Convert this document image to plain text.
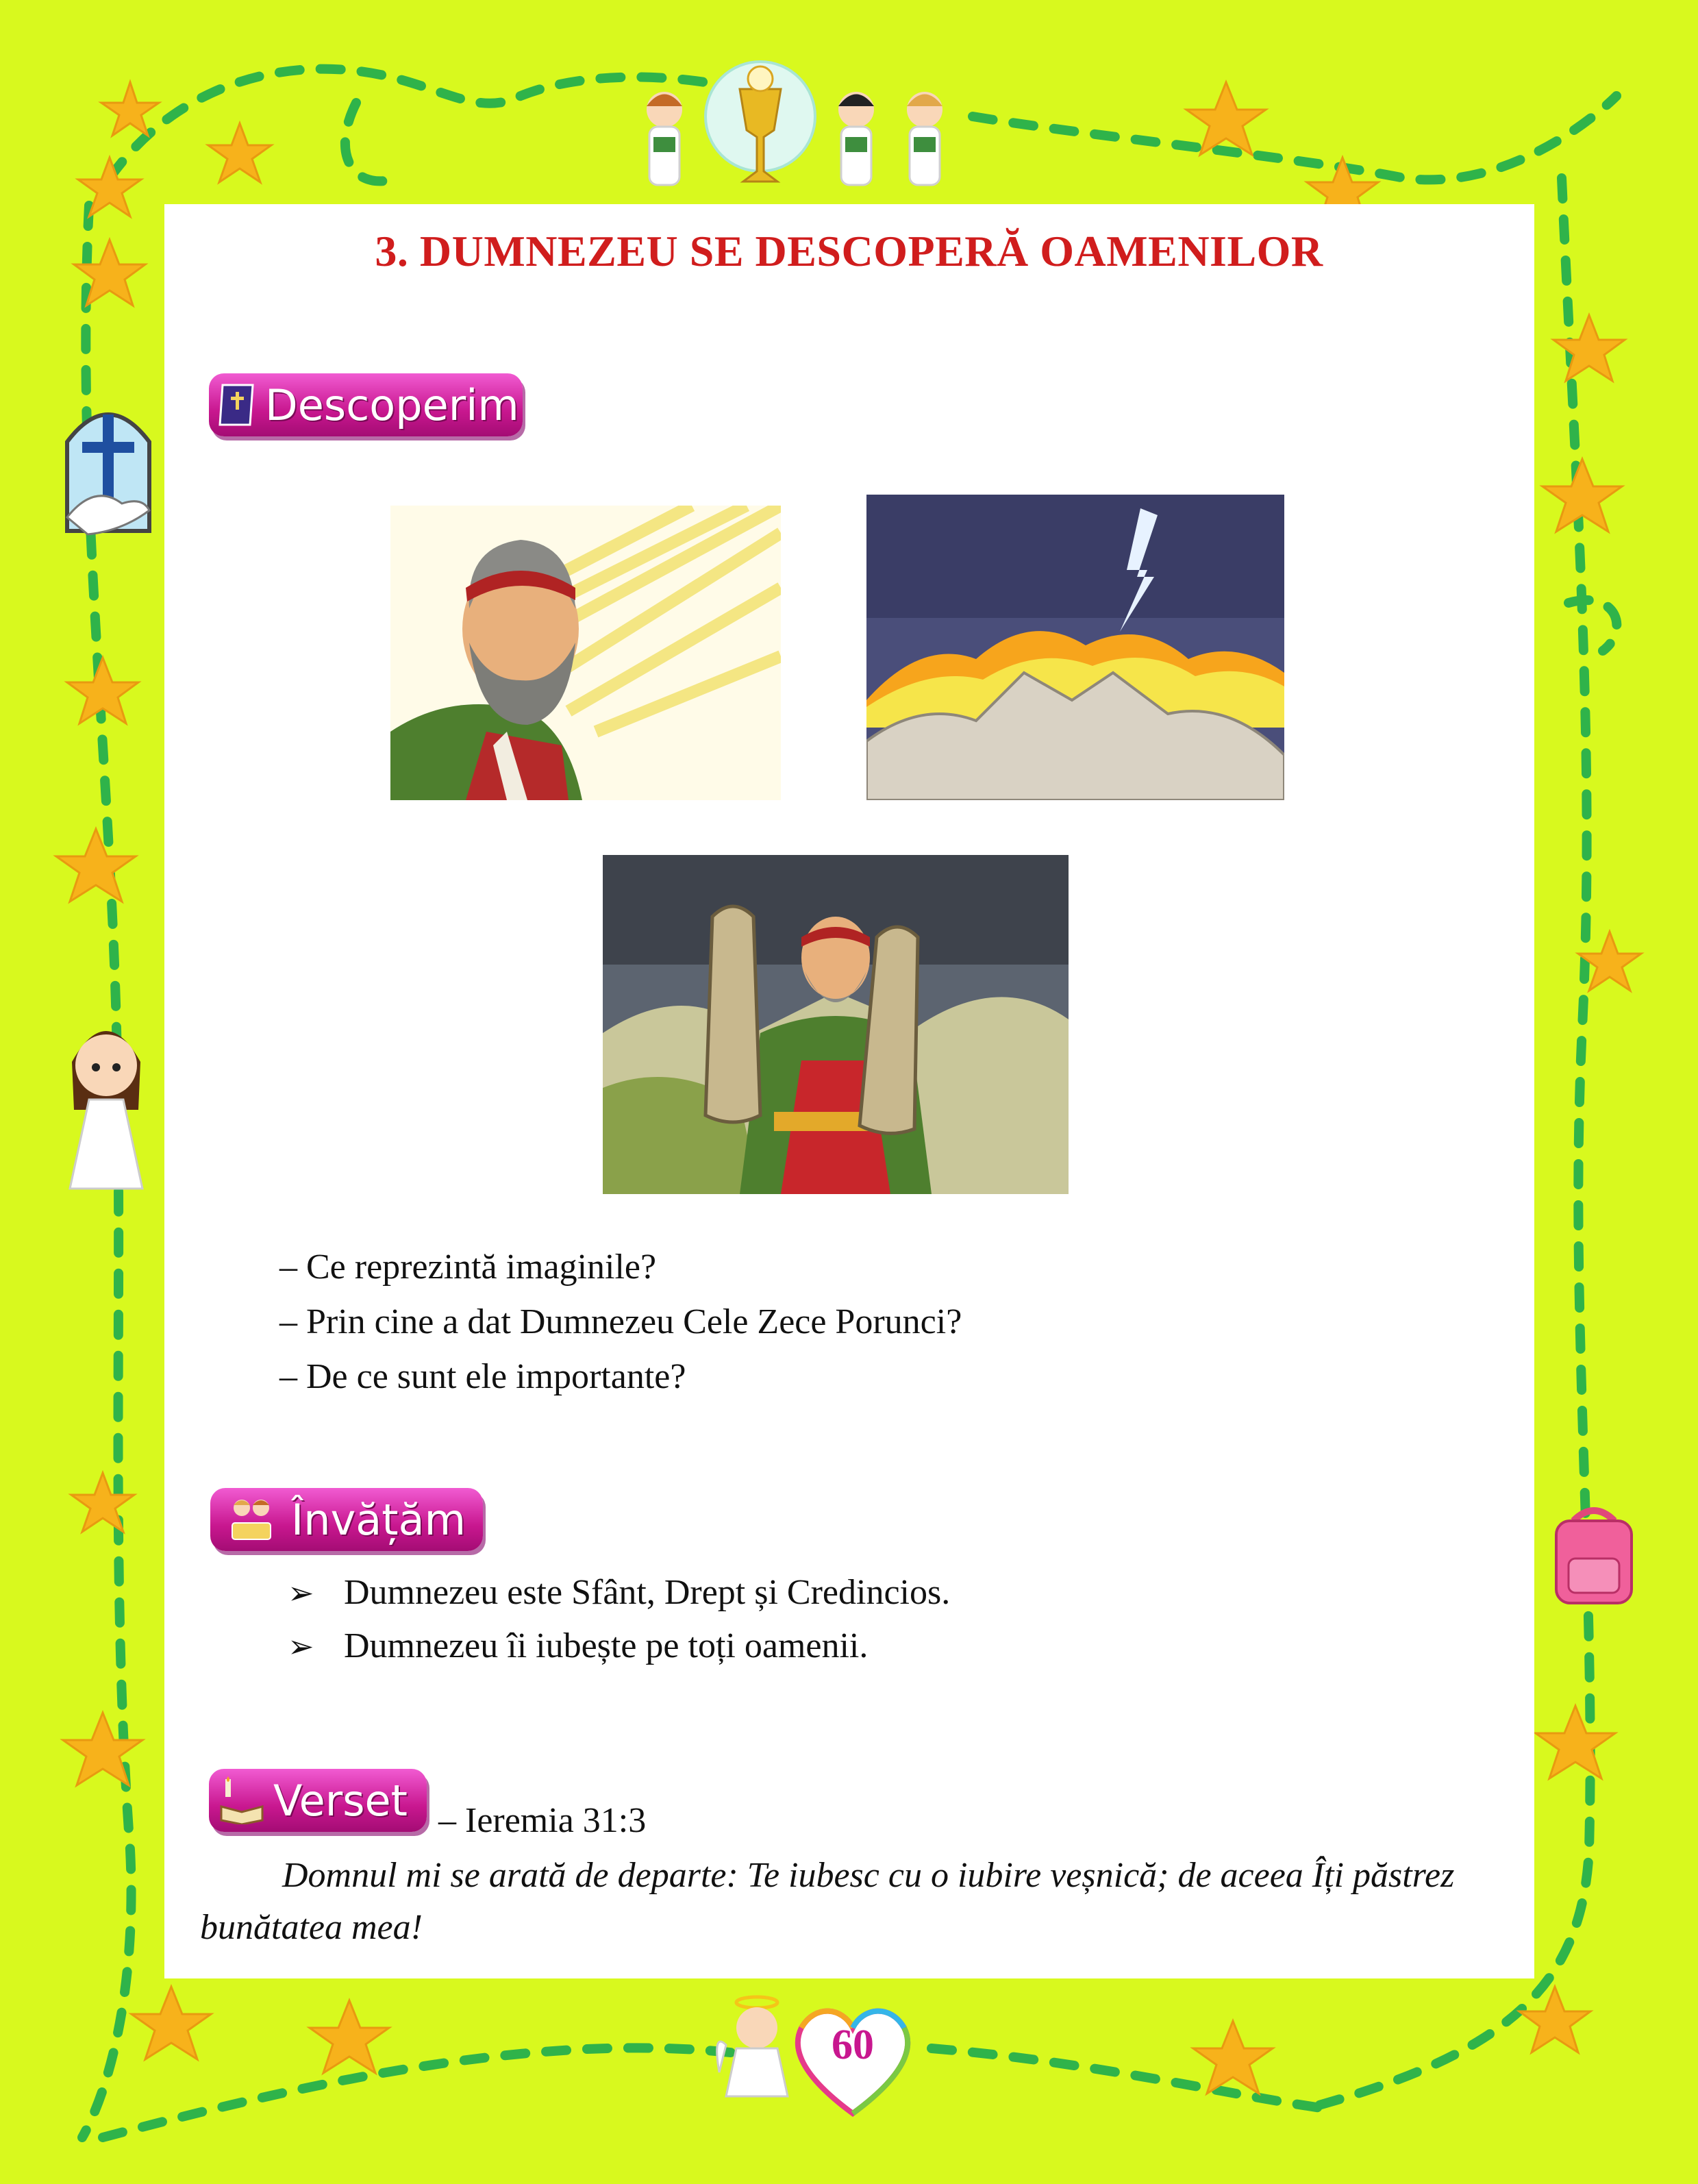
60
3. DUMNEZEU SE DESCOPERĂ OAMENILOR
Descoperim
– Ce reprezintă imaginile?
– Prin cine a dat Dumnezeu Cele Zece Porunci?
– De ce sunt ele importante?
Învățăm
➢ Dumnezeu este Sfânt, Drept și Credincios.
➢ Dumnezeu îi iubește pe toți oamenii.
Verset – Ieremia 31:3
Domnul mi se arată de departe: Te iubesc cu o iubire veșnică; de aceea Îți păstrez bunătatea mea!
